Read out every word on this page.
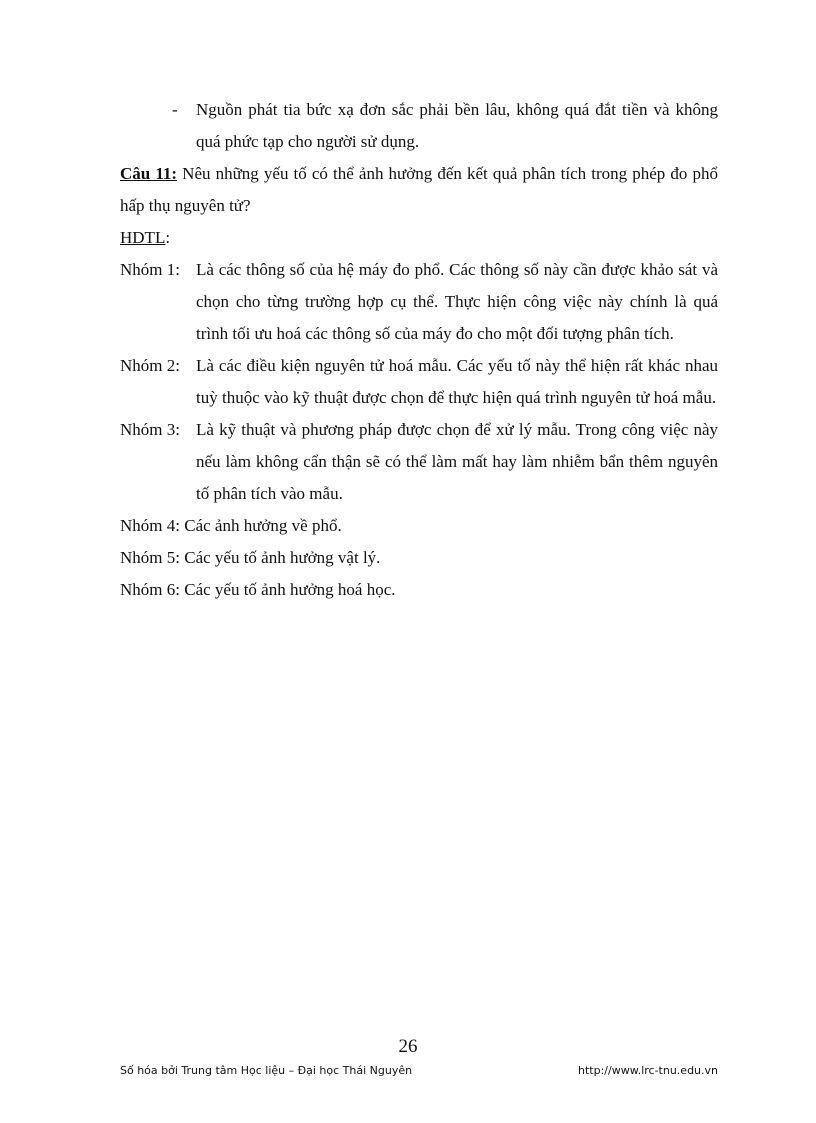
- Nguồn phát tia bức xạ đơn sắc phải bền lâu, không quá đắt tiền và không quá phức tạp cho người sử dụng.

Câu 11: Nêu những yếu tố có thể ảnh hưởng đến kết quả phân tích trong phép đo phổ hấp thụ nguyên tử?

HDTL:

Nhóm 1: Là các thông số của hệ máy đo phổ. Các thông số này cần được khảo sát và chọn cho từng trường hợp cụ thể. Thực hiện công việc này chính là quá trình tối ưu hoá các thông số của máy đo cho một đối tượng phân tích.

Nhóm 2: Là các điều kiện nguyên tử hoá mẫu. Các yếu tố này thể hiện rất khác nhau tuỳ thuộc vào kỹ thuật được chọn để thực hiện quá trình nguyên tử hoá mẫu.

Nhóm 3: Là kỹ thuật và phương pháp được chọn để xử lý mẫu. Trong công việc này nếu làm không cẩn thận sẽ có thể làm mất hay làm nhiễm bẩn thêm nguyên tố phân tích vào mẫu.

Nhóm 4: Các ảnh hưởng về phổ.

Nhóm 5: Các yếu tố ảnh hưởng vật lý.

Nhóm 6: Các yếu tố ảnh hưởng hoá học.

26
Số hóa bởi Trung tâm Học liệu – Đại học Thái Nguyên	http://www.lrc-tnu.edu.vn
